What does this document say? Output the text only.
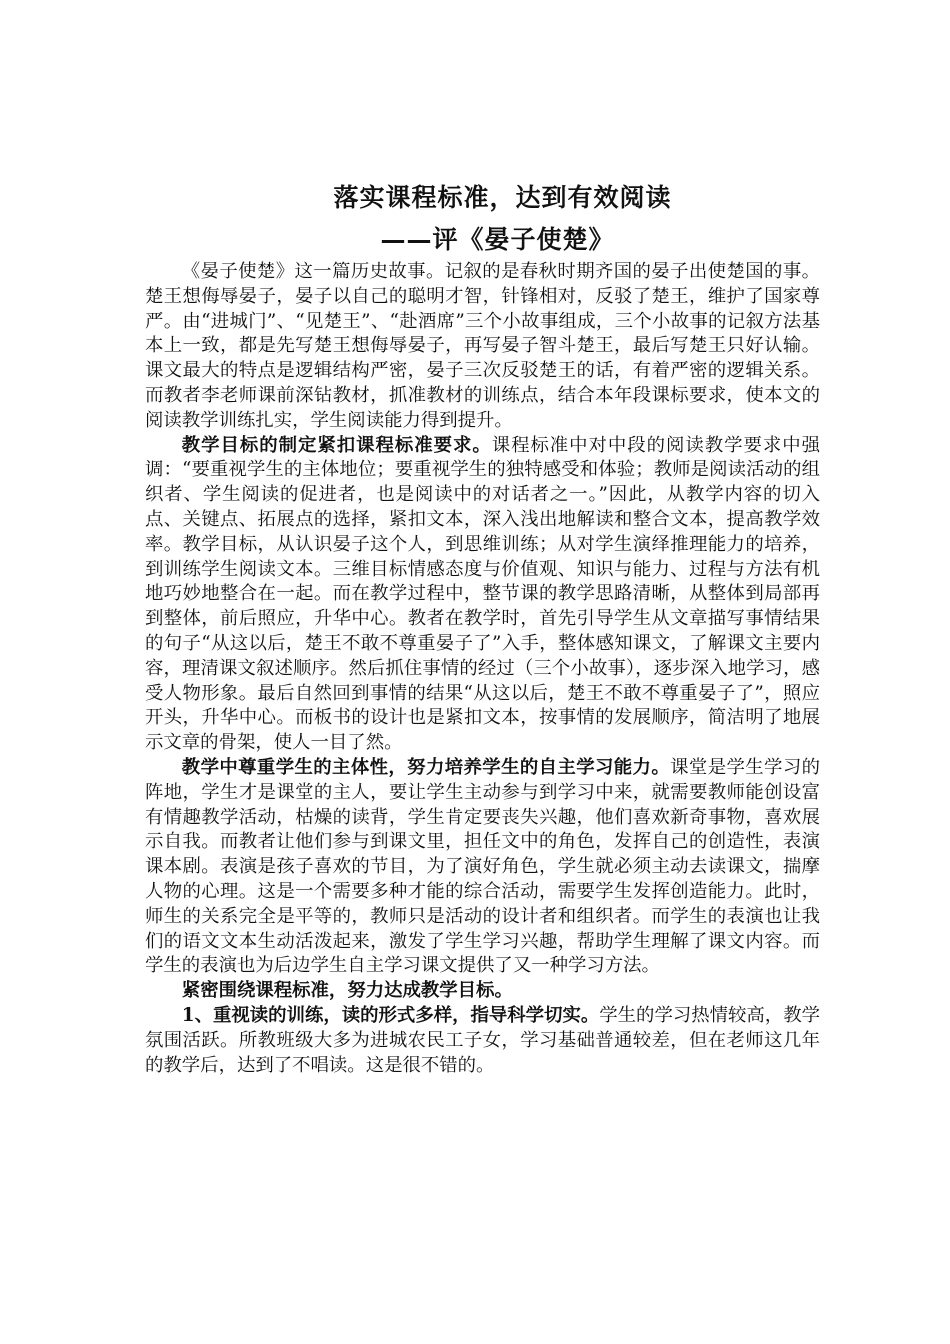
落实课程标准，达到有效阅读
——评《晏子使楚》

《晏子使楚》这一篇历史故事。记叙的是春秋时期齐国的晏子出使楚国的事。楚王想侮辱晏子，晏子以自己的聪明才智，针锋相对，反驳了楚王，维护了国家尊严。由“进城门”、“见楚王”、“赴酒席”三个小故事组成，三个小故事的记叙方法基本上一致，都是先写楚王想侮辱晏子，再写晏子智斗楚王，最后写楚王只好认输。课文最大的特点是逻辑结构严密，晏子三次反驳楚王的话，有着严密的逻辑关系。而教者李老师课前深钻教材，抓准教材的训练点，结合本年段课标要求，使本文的阅读教学训练扎实，学生阅读能力得到提升。

教学目标的制定紧扣课程标准要求。课程标准中对中段的阅读教学要求中强调：“要重视学生的主体地位；要重视学生的独特感受和体验；教师是阅读活动的组织者、学生阅读的促进者，也是阅读中的对话者之一。”因此，从教学内容的切入点、关键点、拓展点的选择，紧扣文本，深入浅出地解读和整合文本，提高教学效率。教学目标，从认识晏子这个人，到思维训练；从对学生演绎推理能力的培养，到训练学生阅读文本。三维目标情感态度与价值观、知识与能力、过程与方法有机地巧妙地整合在一起。而在教学过程中，整节课的教学思路清晰，从整体到局部再到整体，前后照应，升华中心。教者在教学时，首先引导学生从文章描写事情结果的句子“从这以后，楚王不敢不尊重晏子了”入手，整体感知课文，了解课文主要内容，理清课文叙述顺序。然后抓住事情的经过（三个小故事），逐步深入地学习，感受人物形象。最后自然回到事情的结果“从这以后，楚王不敢不尊重晏子了”，照应开头，升华中心。而板书的设计也是紧扣文本，按事情的发展顺序，简洁明了地展示文章的骨架，使人一目了然。

教学中尊重学生的主体性，努力培养学生的自主学习能力。课堂是学生学习的阵地，学生才是课堂的主人，要让学生主动参与到学习中来，就需要教师能创设富有情趣教学活动，枯燥的读背，学生肯定要丧失兴趣，他们喜欢新奇事物，喜欢展示自我。而教者让他们参与到课文里，担任文中的角色，发挥自己的创造性，表演课本剧。表演是孩子喜欢的节目，为了演好角色，学生就必须主动去读课文，揣摩人物的心理。这是一个需要多种才能的综合活动，需要学生发挥创造能力。此时，师生的关系完全是平等的，教师只是活动的设计者和组织者。而学生的表演也让我们的语文文本生动活泼起来，激发了学生学习兴趣，帮助学生理解了课文内容。而学生的表演也为后边学生自主学习课文提供了又一种学习方法。

紧密围绕课程标准，努力达成教学目标。

1、重视读的训练，读的形式多样，指导科学切实。学生的学习热情较高，教学氛围活跃。所教班级大多为进城农民工子女，学习基础普通较差，但在老师这几年的教学后，达到了不唱读。这是很不错的。
